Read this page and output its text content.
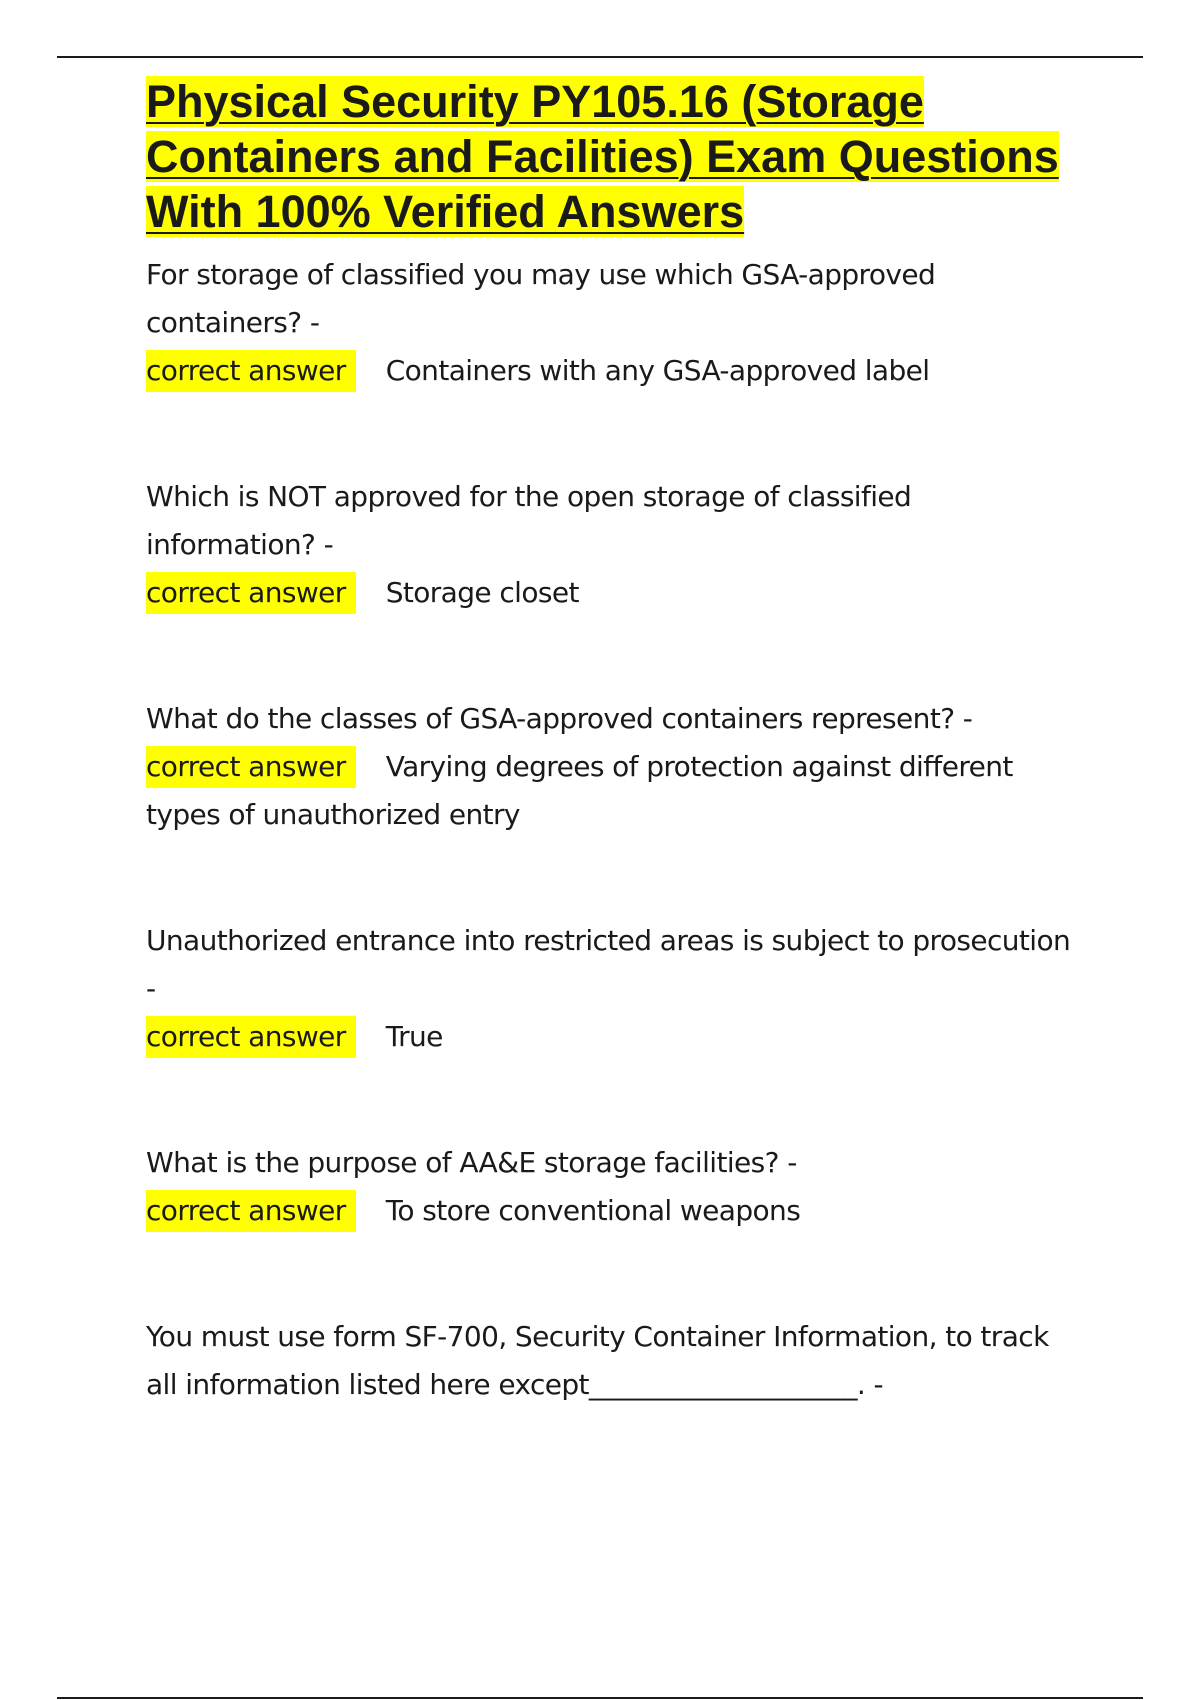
Physical Security PY105.16 (Storage Containers and Facilities) Exam Questions With 100% Verified Answers
For storage of classified you may use which GSA-approved containers? -
correct answer Containers with any GSA-approved label
Which is NOT approved for the open storage of classified information? -
correct answer Storage closet
What do the classes of GSA-approved containers represent? -
correct answer Varying degrees of protection against different types of unauthorized entry
Unauthorized entrance into restricted areas is subject to prosecution -
correct answer True
What is the purpose of AA&E storage facilities? -
correct answer To store conventional weapons
You must use form SF-700, Security Container Information, to track all information listed here except____________________. -
